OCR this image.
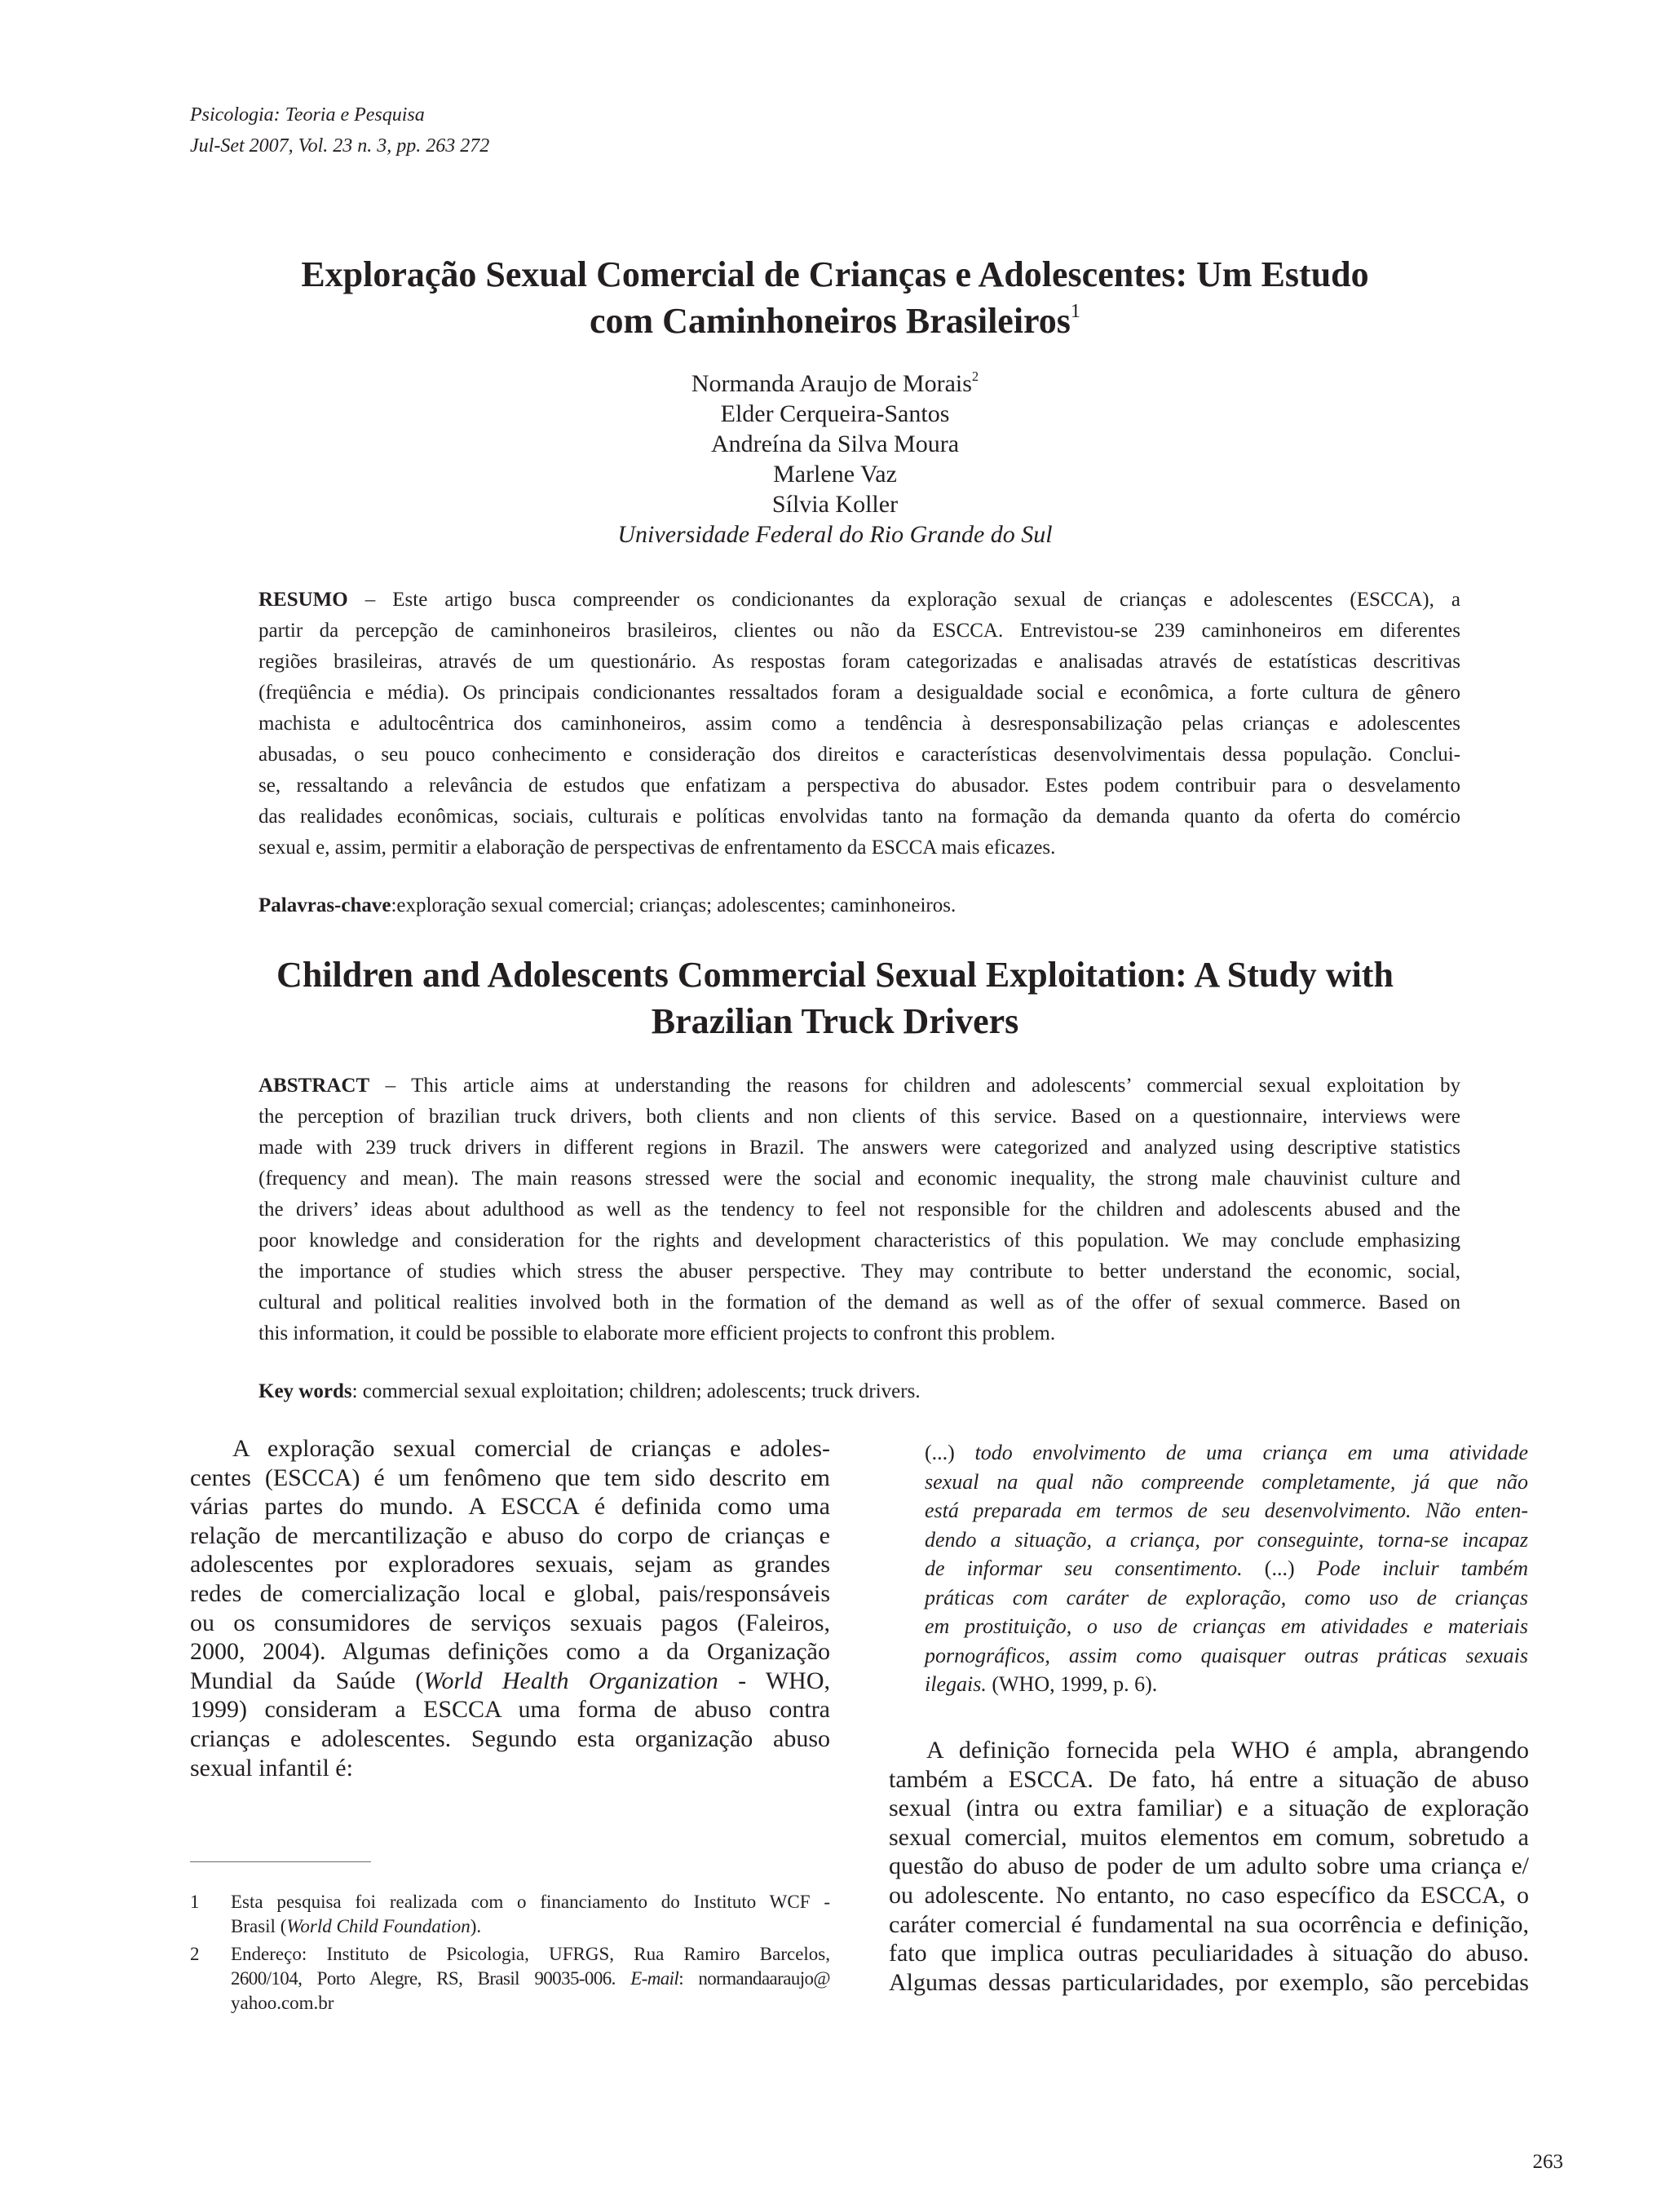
Psicologia: Teoria e Pesquisa
Jul-Set 2007, Vol. 23 n. 3, pp. 263 272
Exploração Sexual Comercial de Crianças e Adolescentes: Um Estudo
com Caminhoneiros Brasileiros$^1$
Normanda Araujo de Morais$^2$
Elder Cerqueira-Santos
Andreína da Silva Moura
Marlene Vaz
Sílvia Koller
Universidade Federal do Rio Grande do Sul
RESUMO – Este artigo busca compreender os condicionantes da exploração sexual de crianças e adolescentes (ESCCA), a
partir da percepção de caminhoneiros brasileiros, clientes ou não da ESCCA. Entrevistou-se 239 caminhoneiros em diferentes
regiões brasileiras, através de um questionário. As respostas foram categorizadas e analisadas através de estatísticas descritivas
(freqüência e média). Os principais condicionantes ressaltados foram a desigualdade social e econômica, a forte cultura de gênero
machista e adultocêntrica dos caminhoneiros, assim como a tendência à desresponsabilização pelas crianças e adolescentes
abusadas, o seu pouco conhecimento e consideração dos direitos e características desenvolvimentais dessa população. Conclui-
se, ressaltando a relevância de estudos que enfatizam a perspectiva do abusador. Estes podem contribuir para o desvelamento
das realidades econômicas, sociais, culturais e políticas envolvidas tanto na formação da demanda quanto da oferta do comércio
sexual e, assim, permitir a elaboração de perspectivas de enfrentamento da ESCCA mais eficazes.
Palavras-chave:exploração sexual comercial; crianças; adolescentes; caminhoneiros.
Children and Adolescents Commercial Sexual Exploitation: A Study with
Brazilian Truck Drivers
ABSTRACT – This article aims at understanding the reasons for children and adolescents’ commercial sexual exploitation by
the perception of brazilian truck drivers, both clients and non clients of this service. Based on a questionnaire, interviews were
made with 239 truck drivers in different regions in Brazil. The answers were categorized and analyzed using descriptive statistics
(frequency and mean). The main reasons stressed were the social and economic inequality, the strong male chauvinist culture and
the drivers’ ideas about adulthood as well as the tendency to feel not responsible for the children and adolescents abused and the
poor knowledge and consideration for the rights and development characteristics of this population. We may conclude emphasizing
the importance of studies which stress the abuser perspective. They may contribute to better understand the economic, social,
cultural and political realities involved both in the formation of the demand as well as of the offer of sexual commerce. Based on
this information, it could be possible to elaborate more efficient projects to confront this problem.
Key words: commercial sexual exploitation; children; adolescents; truck drivers.
A exploração sexual comercial de crianças e adoles-
centes (ESCCA) é um fenômeno que tem sido descrito em
várias partes do mundo. A ESCCA é definida como uma
relação de mercantilização e abuso do corpo de crianças e
adolescentes por exploradores sexuais, sejam as grandes
redes de comercialização local e global, pais/responsáveis
ou os consumidores de serviços sexuais pagos (Faleiros,
2000, 2004). Algumas definições como a da Organização
Mundial da Saúde (World Health Organization - WHO,
1999) consideram a ESCCA uma forma de abuso contra
crianças e adolescentes. Segundo esta organização abuso
sexual infantil é:
(...) todo envolvimento de uma criança em uma atividade
sexual na qual não compreende completamente, já que não
está preparada em termos de seu desenvolvimento. Não enten-
dendo a situação, a criança, por conseguinte, torna-se incapaz
de informar seu consentimento. (...) Pode incluir também
práticas com caráter de exploração, como uso de crianças
em prostituição, o uso de crianças em atividades e materiais
pornográficos, assim como quaisquer outras práticas sexuais
ilegais. (WHO, 1999, p. 6).
A definição fornecida pela WHO é ampla, abrangendo
também a ESCCA. De fato, há entre a situação de abuso
sexual (intra ou extra familiar) e a situação de exploração
sexual comercial, muitos elementos em comum, sobretudo a
questão do abuso de poder de um adulto sobre uma criança e/
ou adolescente. No entanto, no caso específico da ESCCA, o
caráter comercial é fundamental na sua ocorrência e definição,
fato que implica outras peculiaridades à situação do abuso.
Algumas dessas particularidades, por exemplo, são percebidas
1 Esta pesquisa foi realizada com o financiamento do Instituto WCF -
Brasil (World Child Foundation).
2 Endereço: Instituto de Psicologia, UFRGS, Rua Ramiro Barcelos,
2600/104, Porto Alegre, RS, Brasil 90035-006. E-mail: normandaaraujo@
yahoo.com.br
263
